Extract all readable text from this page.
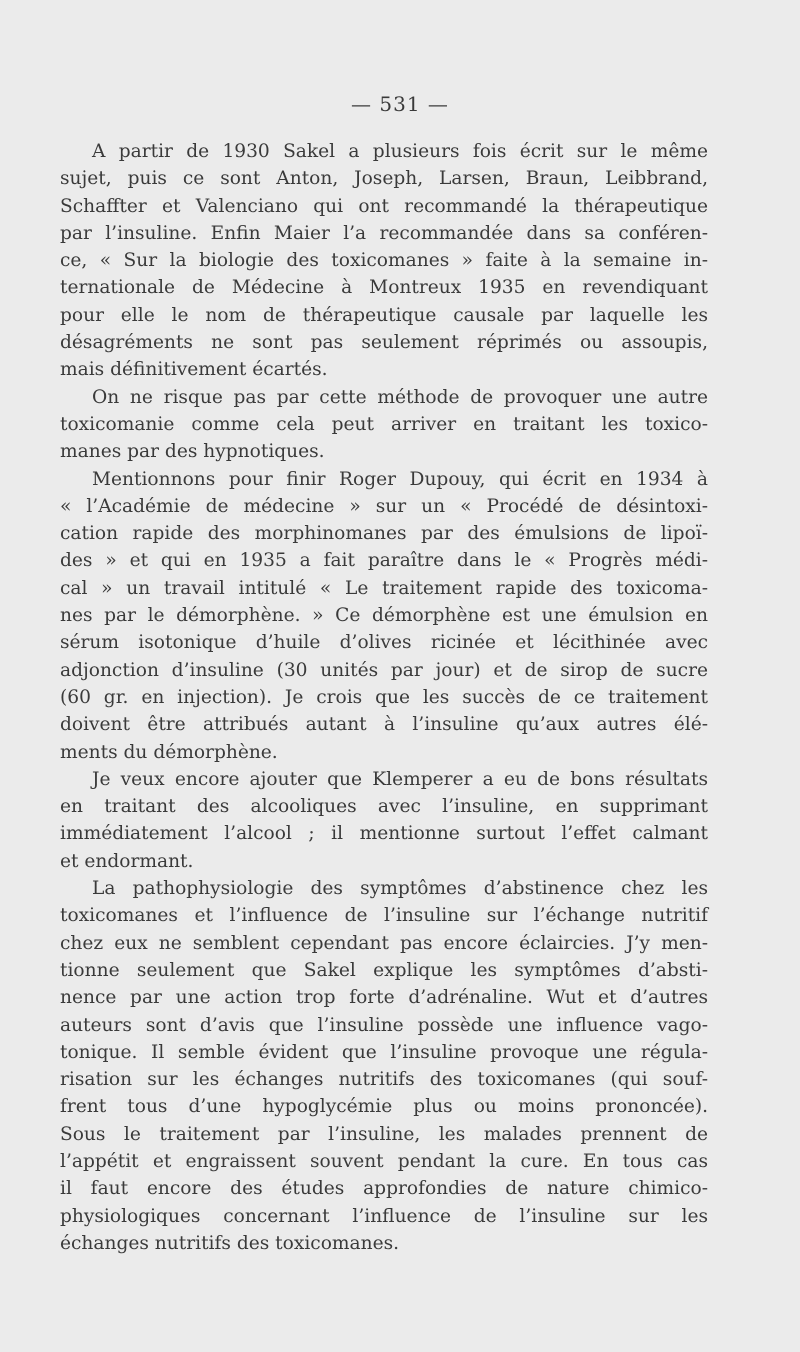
— 531 —
A partir de 1930 Sakel a plusieurs fois écrit sur le même
sujet, puis ce sont Anton, Joseph, Larsen, Braun, Leibbrand,
Schaffter et Valenciano qui ont recommandé la thérapeutique
par l’insuline. Enfin Maier l’a recommandée dans sa conféren-
ce, « Sur la biologie des toxicomanes » faite à la semaine in-
ternationale de Médecine à Montreux 1935 en revendiquant
pour elle le nom de thérapeutique causale par laquelle les
désagréments ne sont pas seulement réprimés ou assoupis,
mais définitivement écartés.
On ne risque pas par cette méthode de provoquer une autre
toxicomanie comme cela peut arriver en traitant les toxico-
manes par des hypnotiques.
Mentionnons pour finir Roger Dupouy, qui écrit en 1934 à
« l’Académie de médecine » sur un « Procédé de désintoxi-
cation rapide des morphinomanes par des émulsions de lipoï-
des » et qui en 1935 a fait paraître dans le « Progrès médi-
cal » un travail intitulé « Le traitement rapide des toxicoma-
nes par le démorphène. » Ce démorphène est une émulsion en
sérum isotonique d’huile d’olives ricinée et lécithinée avec
adjonction d’insuline (30 unités par jour) et de sirop de sucre
(60 gr. en injection). Je crois que les succès de ce traitement
doivent être attribués autant à l’insuline qu’aux autres élé-
ments du démorphène.
Je veux encore ajouter que Klemperer a eu de bons résultats
en traitant des alcooliques avec l’insuline, en supprimant
immédiatement l’alcool ; il mentionne surtout l’effet calmant
et endormant.
La pathophysiologie des symptômes d’abstinence chez les
toxicomanes et l’influence de l’insuline sur l’échange nutritif
chez eux ne semblent cependant pas encore éclaircies. J’y men-
tionne seulement que Sakel explique les symptômes d’absti-
nence par une action trop forte d’adrénaline. Wut et d’autres
auteurs sont d’avis que l’insuline possède une influence vago-
tonique. Il semble évident que l’insuline provoque une régula-
risation sur les échanges nutritifs des toxicomanes (qui souf-
frent tous d’une hypoglycémie plus ou moins prononcée).
Sous le traitement par l’insuline, les malades prennent de
l’appétit et engraissent souvent pendant la cure. En tous cas
il faut encore des études approfondies de nature chimico-
physiologiques concernant l’influence de l’insuline sur les
échanges nutritifs des toxicomanes.
